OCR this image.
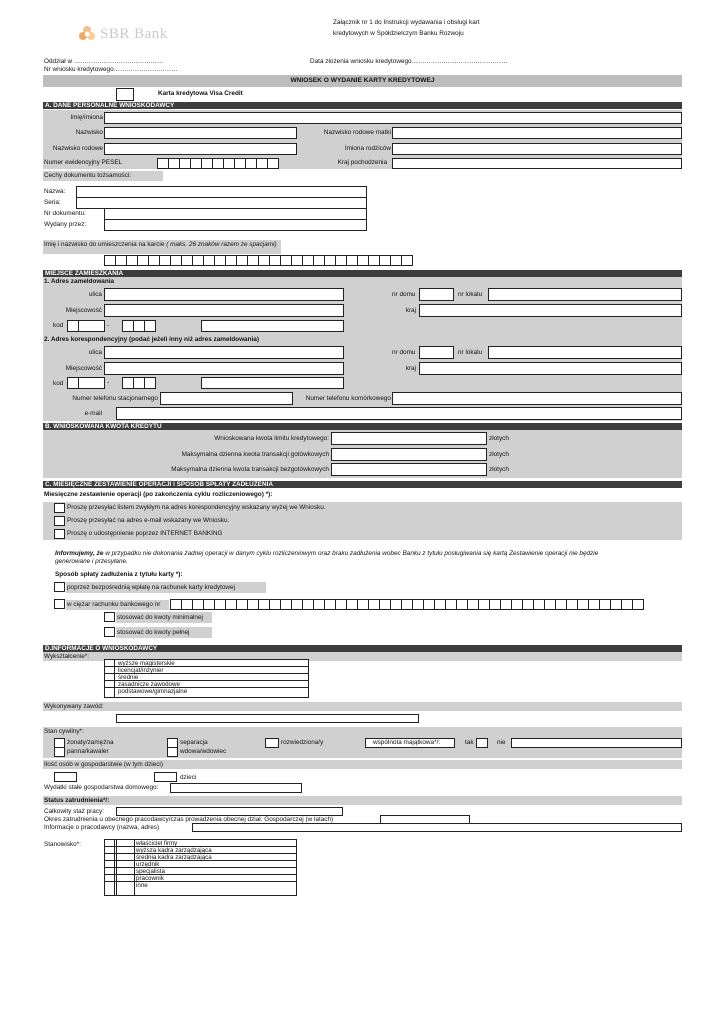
SBR Bank
Załącznik nr 1 do Instrukcji wydawania i obsługi kart
kredytowych w Spółdzielczym Banku Rozwoju
Oddział w ……………………………………
Nr wniosku kredytowego…………………………
Data złożenia wniosku kredytowego………………………………………
WNIOSEK O WYDANIE KARTY KREDYTOWEJ
Karta kredytowa Visa Credit
A. DANE PERSONALNE WNIOSKODAWCY
Imię/imiona
Nazwisko	Nazwisko rodowe matki
Nazwisko rodowe	Imiona rodziców
Numer ewidencyjny PESEL	Kraj pochodzenia
Cechy dokumentu tożsamości:
Nazwa:
Seria:
Nr dokumentu:
Wydany przez:
Imię i nazwisko do umieszczenia na karcie ( maks. 26 znaków razem ze spacjami)
MIEJSCE ZAMIESZKANIA
1. Adres zameldowania
ulica	nr domu	nr lokalu
Miejscowość	kraj
kod	-
2. Adres korespondencyjny (podać jeżeli inny niż adres zameldowania)
ulica	nr domu	nr lokalu
Miejscowość	kraj
kod	-
Numer telefonu stacjonarnego	Numer telefonu komórkowego
e-mail
B. WNIOSKOWANA KWOTA KREDYTU
Wnioskowana kwota limitu kredytowego:	złotych
Maksymalna dzienna kwota transakcji gotówkowych	złotych
Maksymalna dzienna kwota transakcji bezgotówkowych	złotych
C. MIESIĘCZNE ZESTAWIENIE OPERACJI I SPOSÓB SPŁATY ZADŁUŻENIA
Miesięczne zestawienie operacji (po zakończenia cyklu rozliczeniowego) *):
Proszę przesyłać listem zwykłym na adres korespondencyjny wskazany wyżej we Wniosku.
Proszę przesyłać na adres e-mail wskazany we Wniosku.
Proszę o udostępnienie poprzez INTERNET BANKING
Informujemy, że w przypadku nie dokonania żadnej operacji w danym cyklu rozliczeniowym oraz braku zadłużenia wobec Banku z tytułu posługiwania się kartą Zestawienie operacji nie będzie
generowane i przesyłane.
Sposób spłaty zadłużenia z tytułu karty *):
poprzez bezpośrednią wpłatę na rachunek karty kredytowej
w ciężar rachunku bankowego nr
stosować do kwoty minimalnej
stosować do kwoty pełnej
D.INFORMACJE O WNIOSKODAWCY
Wykształcenie*:
wyższe magisterskie
licencjat/inżynier
średnie
zasadnicze zawodowe
podstawowe/gimnazjalne
Wykonywany zawód:
Stan cywilny*:
żonaty/zamężna
panna/kawaler
separacja
wdowa/wdowiec
rozwiedziona/y	wspólnota majątkowa*/:	tak	nie
Ilość osób w gospodarstwie (w tym dzieci)
dzieci
Wydatki stałe gospodarstwa domowego:
Status zatrudnienia*/:
Całkowity staż pracy:
Okres zatrudnienia u obecnego pracodawcy/czas prowadzenia obecnej dział. Gospodarczej (w latach)
Informacje o pracodawcy (nazwa, adres)
Stanowisko*:	właściciel firmy
wyższa kadra zarządzająca
średnia kadra zarządzająca
urzędnik
specjalista
pracownik
inne
